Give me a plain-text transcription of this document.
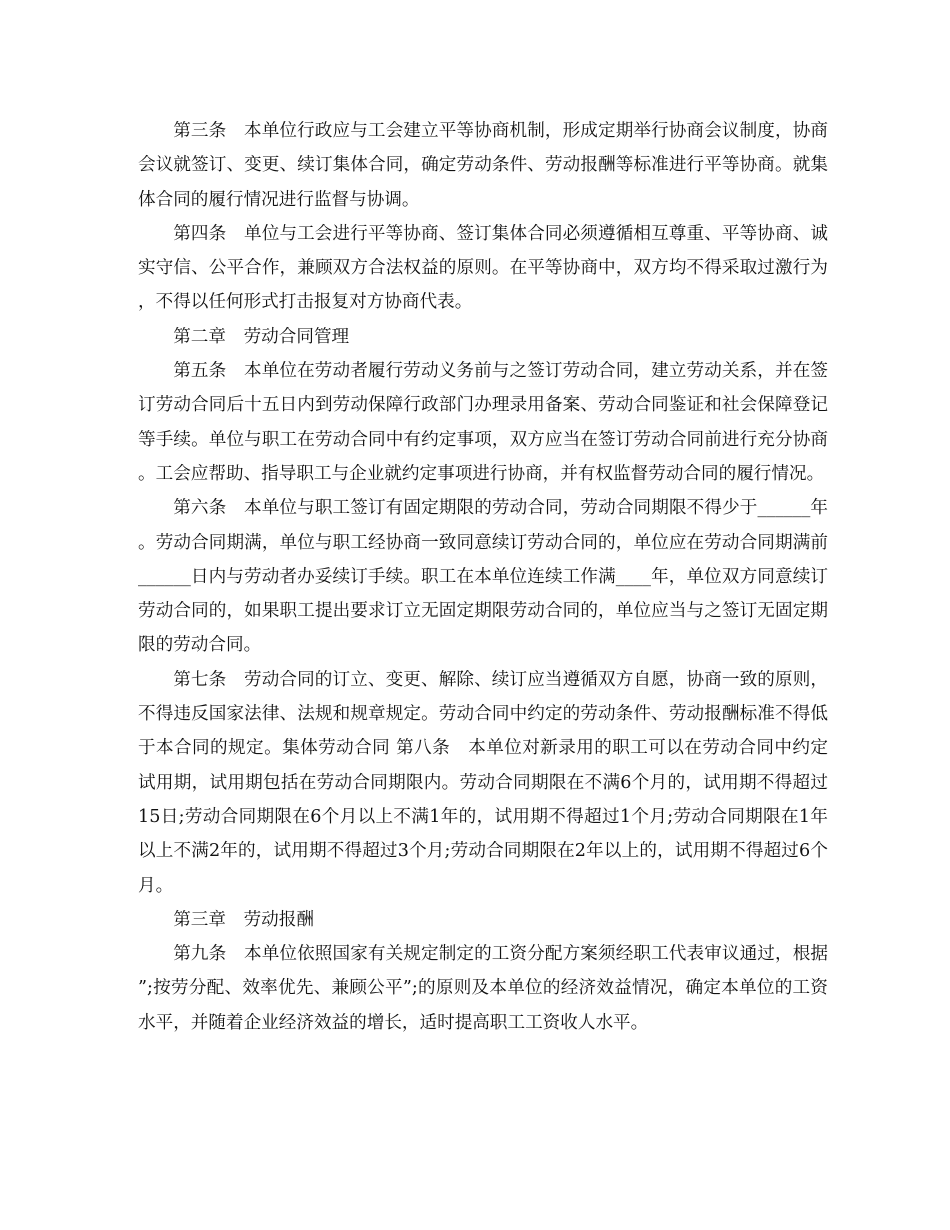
第三条　本单位行政应与工会建立平等协商机制，形成定期举行协商会议制度，协商会议就签订、变更、续订集体合同，确定劳动条件、劳动报酬等标准进行平等协商。就集体合同的履行情况进行监督与协调。

第四条　单位与工会进行平等协商、签订集体合同必须遵循相互尊重、平等协商、诚实守信、公平合作，兼顾双方合法权益的原则。在平等协商中，双方均不得采取过激行为，不得以任何形式打击报复对方协商代表。

第二章　劳动合同管理

第五条　本单位在劳动者履行劳动义务前与之签订劳动合同，建立劳动关系，并在签订劳动合同后十五日内到劳动保障行政部门办理录用备案、劳动合同鉴证和社会保障登记等手续。单位与职工在劳动合同中有约定事项，双方应当在签订劳动合同前进行充分协商。工会应帮助、指导职工与企业就约定事项进行协商，并有权监督劳动合同的履行情况。

第六条　本单位与职工签订有固定期限的劳动合同，劳动合同期限不得少于______年。劳动合同期满，单位与职工经协商一致同意续订劳动合同的，单位应在劳动合同期满前______日内与劳动者办妥续订手续。职工在本单位连续工作满____年，单位双方同意续订劳动合同的，如果职工提出要求订立无固定期限劳动合同的，单位应当与之签订无固定期限的劳动合同。

第七条　劳动合同的订立、变更、解除、续订应当遵循双方自愿，协商一致的原则，不得违反国家法律、法规和规章规定。劳动合同中约定的劳动条件、劳动报酬标准不得低于本合同的规定。集体劳动合同 第八条　本单位对新录用的职工可以在劳动合同中约定试用期，试用期包括在劳动合同期限内。劳动合同期限在不满6个月的，试用期不得超过15日;劳动合同期限在6个月以上不满1年的，试用期不得超过1个月;劳动合同期限在1年以上不满2年的，试用期不得超过3个月;劳动合同期限在2年以上的，试用期不得超过6个月。

第三章　劳动报酬

第九条　本单位依照国家有关规定制定的工资分配方案须经职工代表审议通过，根据”;按劳分配、效率优先、兼顾公平”;的原则及本单位的经济效益情况，确定本单位的工资水平，并随着企业经济效益的增长，适时提高职工工资收人水平。
